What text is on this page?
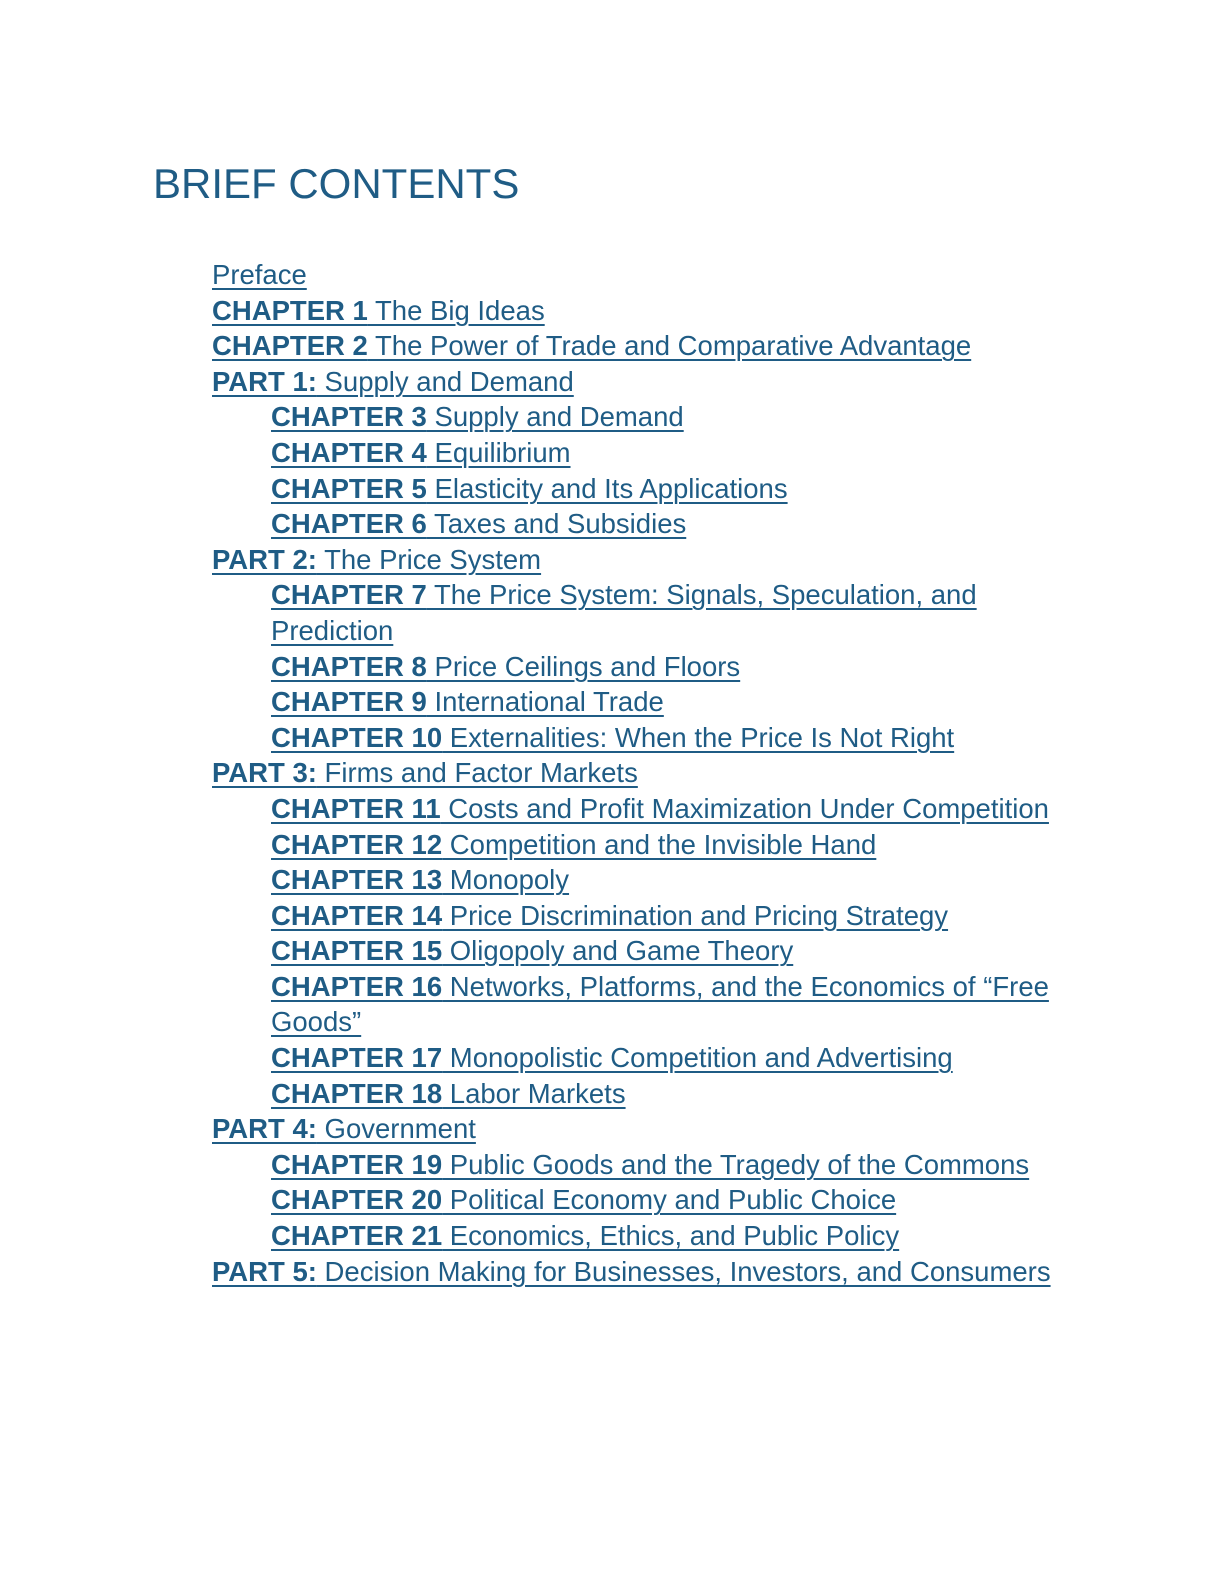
BRIEF CONTENTS
Preface
CHAPTER 1 The Big Ideas
CHAPTER 2 The Power of Trade and Comparative Advantage
PART 1: Supply and Demand
CHAPTER 3 Supply and Demand
CHAPTER 4 Equilibrium
CHAPTER 5 Elasticity and Its Applications
CHAPTER 6 Taxes and Subsidies
PART 2: The Price System
CHAPTER 7 The Price System: Signals, Speculation, and Prediction
CHAPTER 8 Price Ceilings and Floors
CHAPTER 9 International Trade
CHAPTER 10 Externalities: When the Price Is Not Right
PART 3: Firms and Factor Markets
CHAPTER 11 Costs and Profit Maximization Under Competition
CHAPTER 12 Competition and the Invisible Hand
CHAPTER 13 Monopoly
CHAPTER 14 Price Discrimination and Pricing Strategy
CHAPTER 15 Oligopoly and Game Theory
CHAPTER 16 Networks, Platforms, and the Economics of “Free Goods”
CHAPTER 17 Monopolistic Competition and Advertising
CHAPTER 18 Labor Markets
PART 4: Government
CHAPTER 19 Public Goods and the Tragedy of the Commons
CHAPTER 20 Political Economy and Public Choice
CHAPTER 21 Economics, Ethics, and Public Policy
PART 5: Decision Making for Businesses, Investors, and Consumers
